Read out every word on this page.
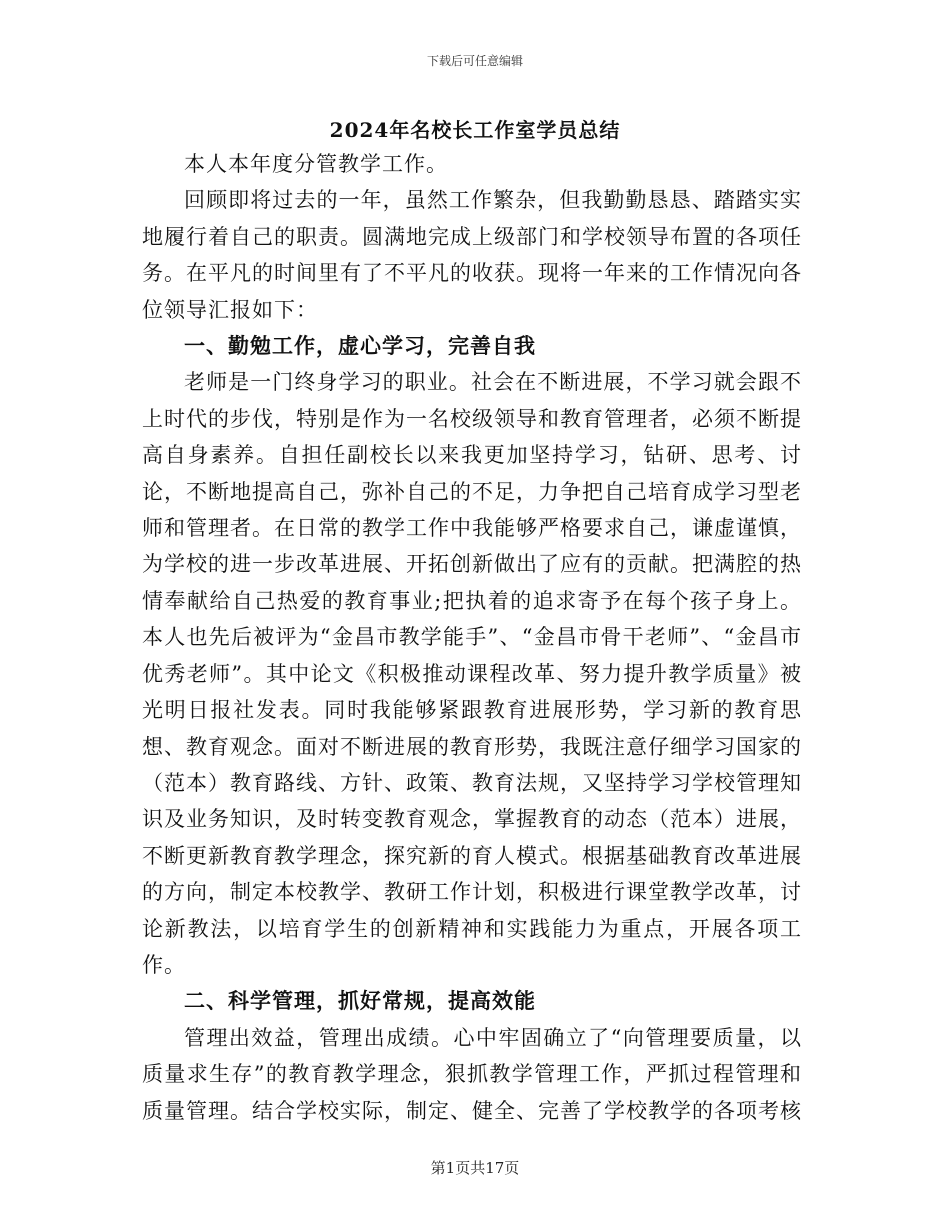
下载后可任意编辑
2024年名校长工作室学员总结

本人本年度分管教学工作。

回顾即将过去的一年，虽然工作繁杂，但我勤勤恳恳、踏踏实实地履行着自己的职责。圆满地完成上级部门和学校领导布置的各项任务。在平凡的时间里有了不平凡的收获。现将一年来的工作情况向各位领导汇报如下：

一、勤勉工作，虚心学习，完善自我

老师是一门终身学习的职业。社会在不断进展，不学习就会跟不上时代的步伐，特别是作为一名校级领导和教育管理者，必须不断提高自身素养。自担任副校长以来我更加坚持学习，钻研、思考、讨论，不断地提高自己，弥补自己的不足，力争把自己培育成学习型老师和管理者。在日常的教学工作中我能够严格要求自己，谦虚谨慎，为学校的进一步改革进展、开拓创新做出了应有的贡献。把满腔的热情奉献给自己热爱的教育事业;把执着的追求寄予在每个孩子身上。本人也先后被评为“金昌市教学能手”、“金昌市骨干老师”、“金昌市优秀老师”。其中论文《积极推动课程改革、努力提升教学质量》被光明日报社发表。同时我能够紧跟教育进展形势，学习新的教育思想、教育观念。面对不断进展的教育形势，我既注意仔细学习国家的（范本）教育路线、方针、政策、教育法规，又坚持学习学校管理知识及业务知识，及时转变教育观念，掌握教育的动态（范本）进展，不断更新教育教学理念，探究新的育人模式。根据基础教育改革进展的方向，制定本校教学、教研工作计划，积极进行课堂教学改革，讨论新教法，以培育学生的创新精神和实践能力为重点，开展各项工作。

二、科学管理，抓好常规，提高效能

管理出效益，管理出成绩。心中牢固确立了“向管理要质量，以质量求生存”的教育教学理念，狠抓教学管理工作，严抓过程管理和质量管理。结合学校实际，制定、健全、完善了学校教学的各项考核

第1页共17页
